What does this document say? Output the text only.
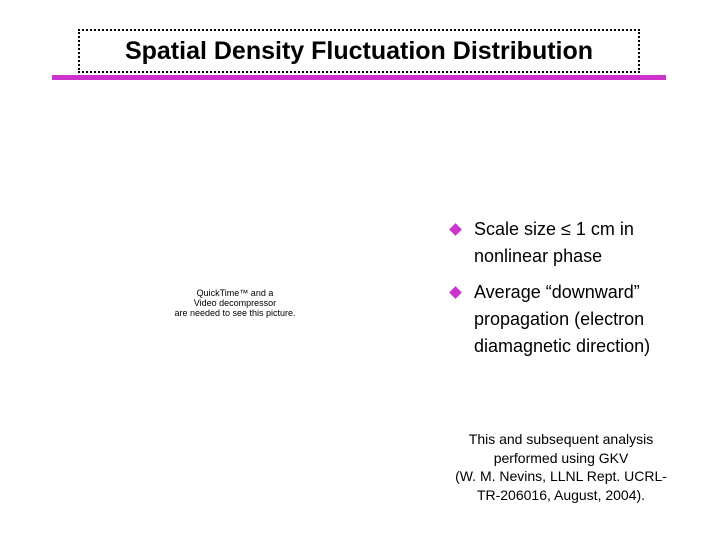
Spatial Density Fluctuation Distribution
QuickTime™ and a
Video decompressor
are needed to see this picture.
Scale size ≤ 1 cm in
nonlinear phase
Average “downward”
propagation (electron
diamagnetic direction)
This and subsequent analysis
performed using GKV
(W. M. Nevins, LLNL Rept. UCRL-
TR-206016, August, 2004).
